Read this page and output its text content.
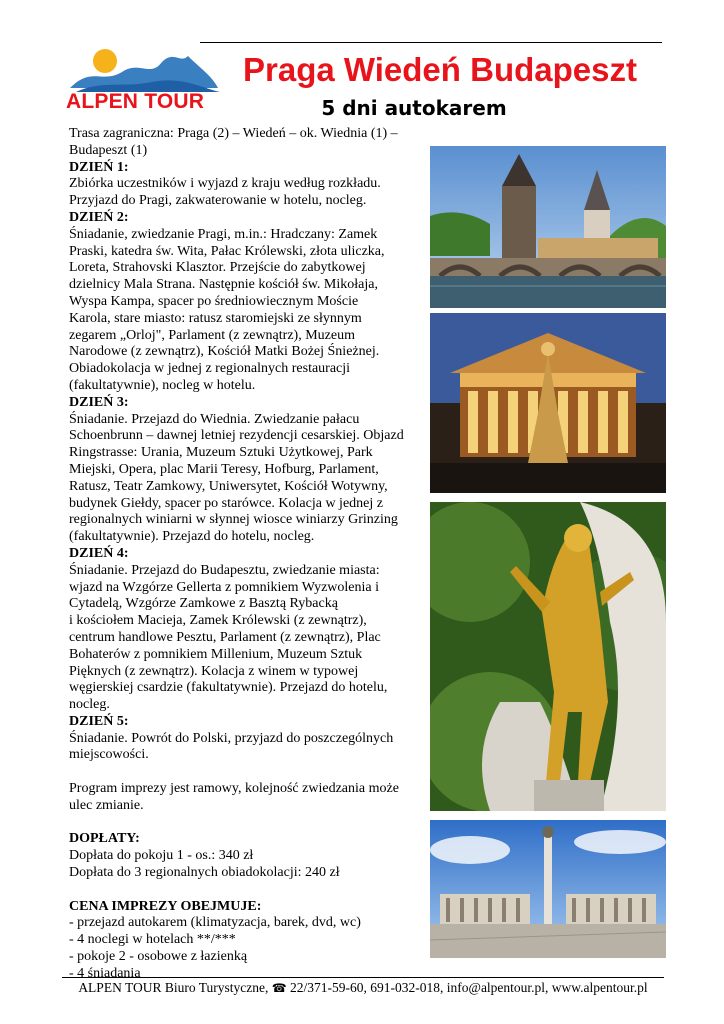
ALPEN TOUR
Praga Wiedeń Budapeszt
5 dni autokarem
Trasa zagraniczna: Praga (2) – Wiedeń – ok. Wiednia (1) – Budapeszt (1)
DZIEŃ 1:
Zbiórka uczestników i wyjazd z kraju według rozkładu.
Przyjazd do Pragi, zakwaterowanie w hotelu, nocleg.
DZIEŃ 2:
Śniadanie, zwiedzanie Pragi, m.in.: Hradczany: Zamek
Praski, katedra św. Wita, Pałac Królewski, złota uliczka,
Loreta, Strahovski Klasztor. Przejście do zabytkowej
dzielnicy Mala Strana. Następnie kościół św. Mikołaja,
Wyspa Kampa, spacer po średniowiecznym Moście
Karola, stare miasto: ratusz staromiejski ze słynnym
zegarem „Orloj", Parlament (z zewnątrz), Muzeum
Narodowe (z zewnątrz), Kościół Matki Bożej Śnieżnej.
Obiadokolacja w jednej z regionalnych restauracji
(fakultatywnie), nocleg w hotelu.
DZIEŃ 3:
Śniadanie. Przejazd do Wiednia. Zwiedzanie pałacu
Schoenbrunn – dawnej letniej rezydencji cesarskiej. Objazd
Ringstrasse: Urania, Muzeum Sztuki Użytkowej, Park
Miejski, Opera, plac Marii Teresy, Hofburg, Parlament,
Ratusz, Teatr Zamkowy, Uniwersytet, Kościół Wotywny,
budynek Giełdy, spacer po starówce. Kolacja w jednej z
regionalnych winiarni w słynnej wiosce winiarzy Grinzing
(fakultatywnie). Przejazd do hotelu, nocleg.
DZIEŃ 4:
Śniadanie. Przejazd do Budapesztu, zwiedzanie miasta:
wjazd na Wzgórze Gellerta z pomnikiem Wyzwolenia i
Cytadelą, Wzgórze Zamkowe z Basztą Rybacką
i kościołem Macieja, Zamek Królewski (z zewnątrz),
centrum handlowe Pesztu, Parlament (z zewnątrz), Plac
Bohaterów z pomnikiem Millenium, Muzeum Sztuk
Pięknych (z zewnątrz). Kolacja z winem w typowej
węgierskiej csardzie (fakultatywnie). Przejazd do hotelu,
nocleg.
DZIEŃ 5:
Śniadanie. Powrót do Polski, przyjazd do poszczególnych
miejscowości.
Program imprezy jest ramowy, kolejność zwiedzania może
ulec zmianie.
DOPŁATY:
Dopłata do pokoju 1 - os.: 340 zł
Dopłata do 3 regionalnych obiadokolacji: 240 zł
CENA IMPREZY OBEJMUJE:
- przejazd autokarem (klimatyzacja, barek, dvd, wc)
- 4 noclegi w hotelach **/***
- pokoje 2 - osobowe z łazienką
- 4 śniadania
ALPEN TOUR Biuro Turystyczne, ☎ 22/371-59-60, 691-032-018, info@alpentour.pl, www.alpentour.pl
